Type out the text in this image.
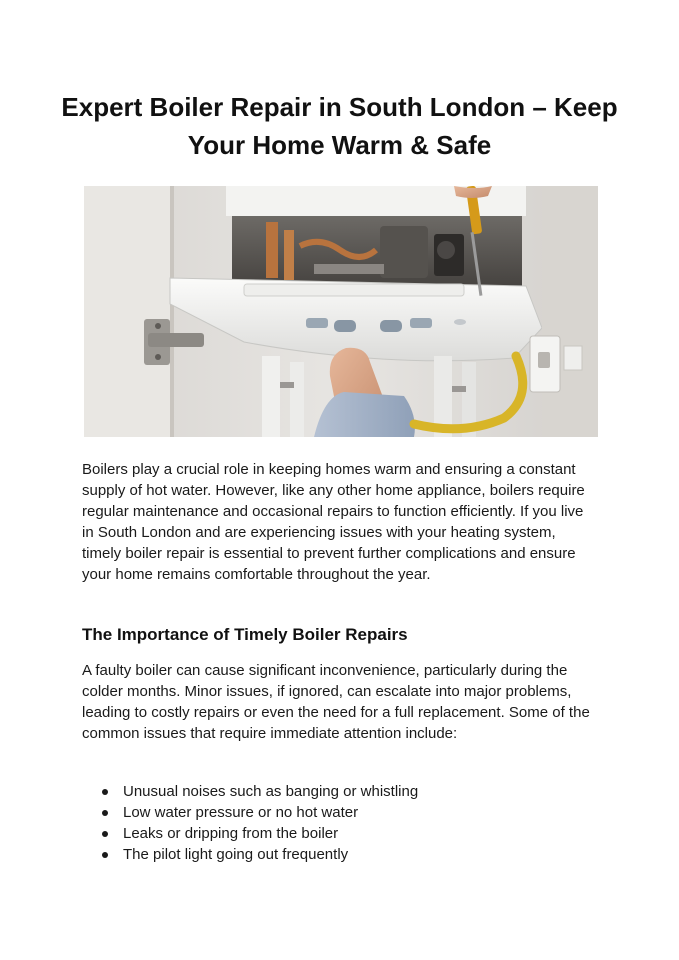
Expert Boiler Repair in South London – Keep Your Home Warm & Safe

Boilers play a crucial role in keeping homes warm and ensuring a constant supply of hot water. However, like any other home appliance, boilers require regular maintenance and occasional repairs to function efficiently. If you live in South London and are experiencing issues with your heating system, timely boiler repair is essential to prevent further complications and ensure your home remains comfortable throughout the year.

The Importance of Timely Boiler Repairs

A faulty boiler can cause significant inconvenience, particularly during the colder months. Minor issues, if ignored, can escalate into major problems, leading to costly repairs or even the need for a full replacement. Some of the common issues that require immediate attention include:

Unusual noises such as banging or whistling
Low water pressure or no hot water
Leaks or dripping from the boiler
The pilot light going out frequently
